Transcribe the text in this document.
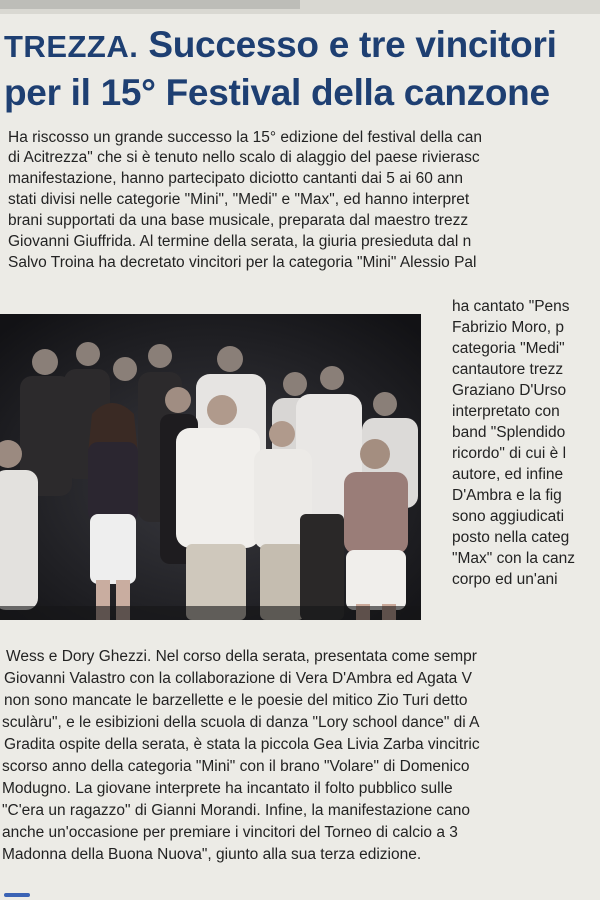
TREZZA. Successo e tre vincitori
per il 15° Festival della canzone

Ha riscosso un grande successo la 15° edizione del festival della can

di Acitrezza" che si è tenuto nello scalo di alaggio del paese rivierasc

manifestazione, hanno partecipato diciotto cantanti dai 5 ai 60 ann

stati divisi nelle categorie "Mini", "Medi" e "Max", ed hanno interpret

brani supportati da una base musicale, preparata dal maestro trezz

Giovanni Giuffrida. Al termine della serata, la giuria presieduta dal n

Salvo Troina ha decretato vincitori per la categoria "Mini" Alessio Pal

ha cantato "Pens

Fabrizio Moro, p

categoria "Medi"

cantautore trezz

Graziano D'Urso

interpretato con

band "Splendido

ricordo" di cui è l

autore, ed infine

D'Ambra e la fig

sono aggiudicati

posto nella categ

"Max" con la canz

corpo ed un'ani

Wess e Dory Ghezzi. Nel corso della serata, presentata come sempr

Giovanni Valastro con la collaborazione di Vera D'Ambra ed Agata V

non sono mancate le barzellette e le poesie del mitico Zio Turi detto

sculàru", e le esibizioni della scuola di danza "Lory school dance" di A

Gradita ospite della serata, è stata la piccola Gea Livia Zarba vincitric

scorso anno della categoria "Mini" con il brano "Volare" di Domenico

Modugno. La giovane interprete ha incantato il folto pubblico sulle

"C'era un ragazzo" di Gianni Morandi. Infine, la manifestazione cano

anche un'occasione per premiare i vincitori del Torneo di calcio a 3

Madonna della Buona Nuova", giunto alla sua terza edizione.
